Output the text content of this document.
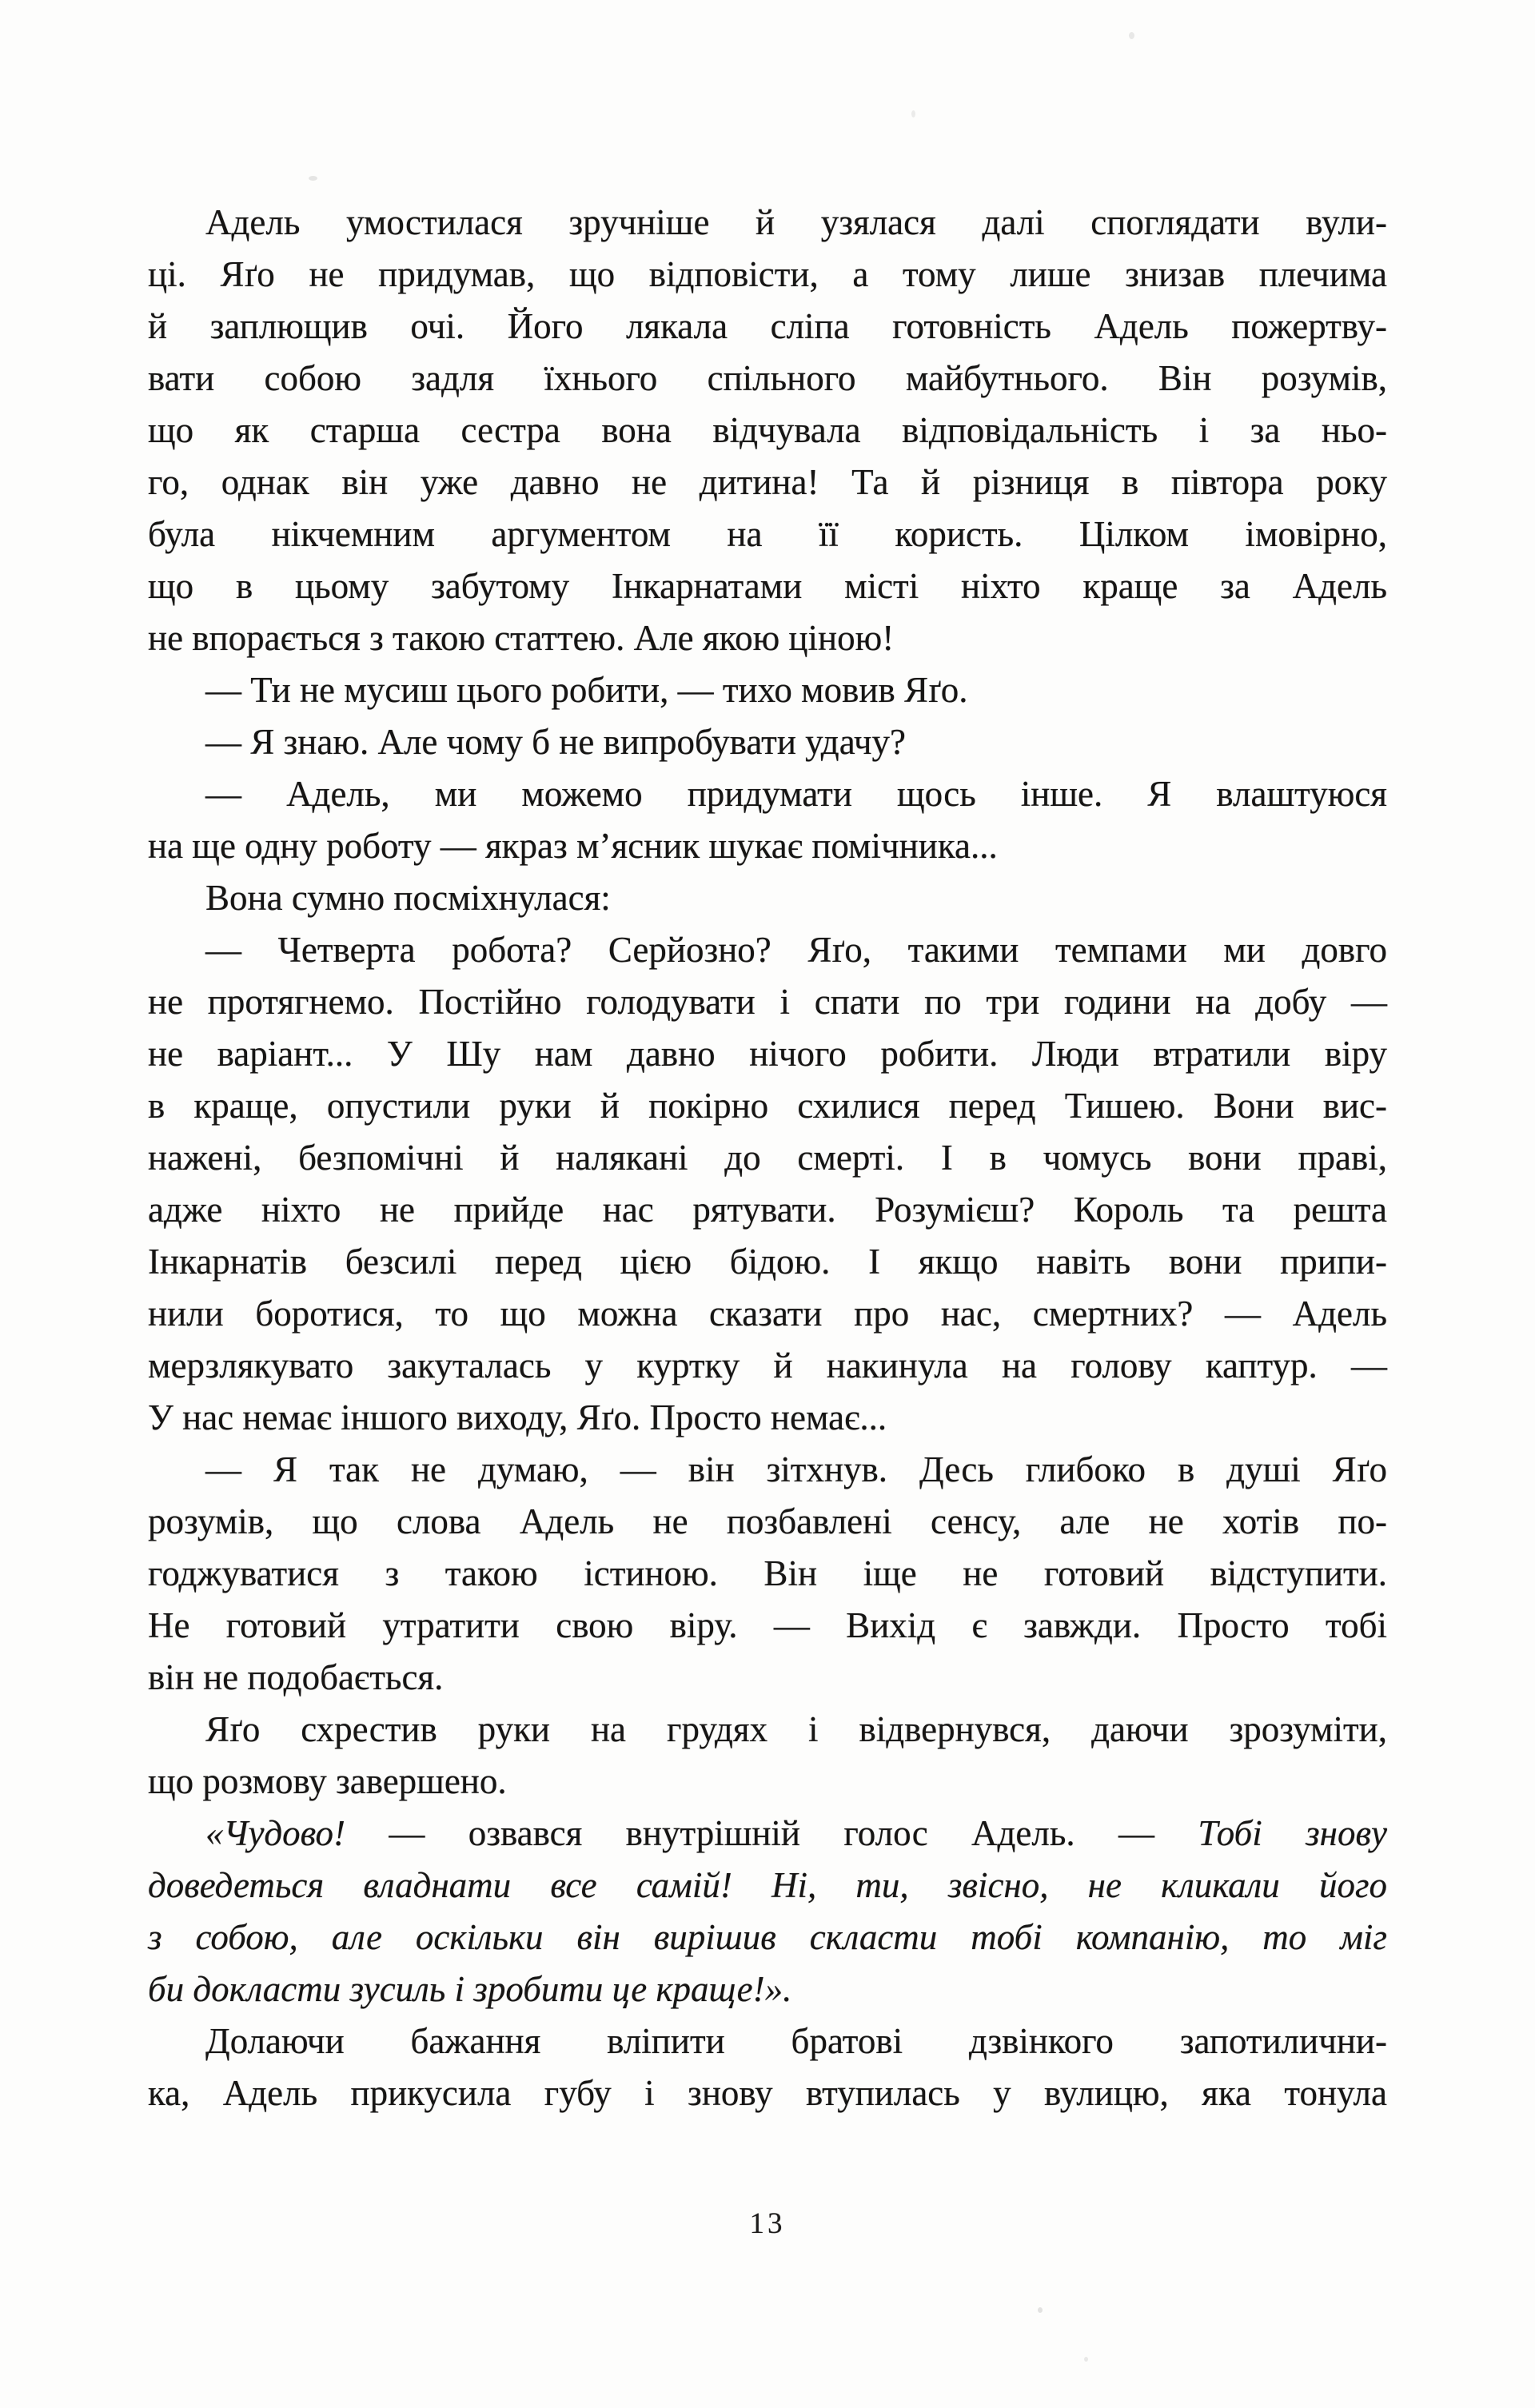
Адель умостилася зручніше й узялася далі споглядати вули-
ці. Яґо не придумав, що відповісти, а тому лише знизав плечима
й заплющив очі. Його лякала сліпа готовність Адель пожертву-
вати собою задля їхнього спільного майбутнього. Він розумів,
що як старша сестра вона відчувала відповідальність і за ньо-
го, однак він уже давно не дитина! Та й різниця в півтора року
була нікчемним аргументом на її користь. Цілком імовірно,
що в цьому забутому Інкарнатами місті ніхто краще за Адель
не впорається з такою статтею. Але якою ціною!
— Ти не мусиш цього робити, — тихо мовив Яґо.
— Я знаю. Але чому б не випробувати удачу?
— Адель, ми можемо придумати щось інше. Я влаштуюся
на ще одну роботу — якраз м’ясник шукає помічника...
Вона сумно посміхнулася:
— Четверта робота? Серйозно? Яґо, такими темпами ми довго
не протягнемо. Постійно голодувати і спати по три години на добу —
не варіант... У Шу нам давно нічого робити. Люди втратили віру
в краще, опустили руки й покірно схилися перед Тишею. Вони вис-
нажені, безпомічні й налякані до смерті. І в чомусь вони праві,
адже ніхто не прийде нас рятувати. Розумієш? Король та решта
Інкарнатів безсилі перед цією бідою. І якщо навіть вони припи-
нили боротися, то що можна сказати про нас, смертних? — Адель
мерзлякувато закуталась у куртку й накинула на голову каптур. —
У нас немає іншого виходу, Яґо. Просто немає...
— Я так не думаю, — він зітхнув. Десь глибоко в душі Яґо
розумів, що слова Адель не позбавлені сенсу, але не хотів по-
годжуватися з такою істиною. Він іще не готовий відступити.
Не готовий утратити свою віру. — Вихід є завжди. Просто тобі
він не подобається.
Яґо схрестив руки на грудях і відвернувся, даючи зрозуміти,
що розмову завершено.
«Чудово! — озвався внутрішній голос Адель. — Тобі знову
доведеться владнати все самій! Ні, ти, звісно, не кликали його
з собою, але оскільки він вирішив скласти тобі компанію, то міг
би докласти зусиль і зробити це краще!».
Долаючи бажання вліпити братові дзвінкого запотилични-
ка, Адель прикусила губу і знову втупилась у вулицю, яка тонула
13
